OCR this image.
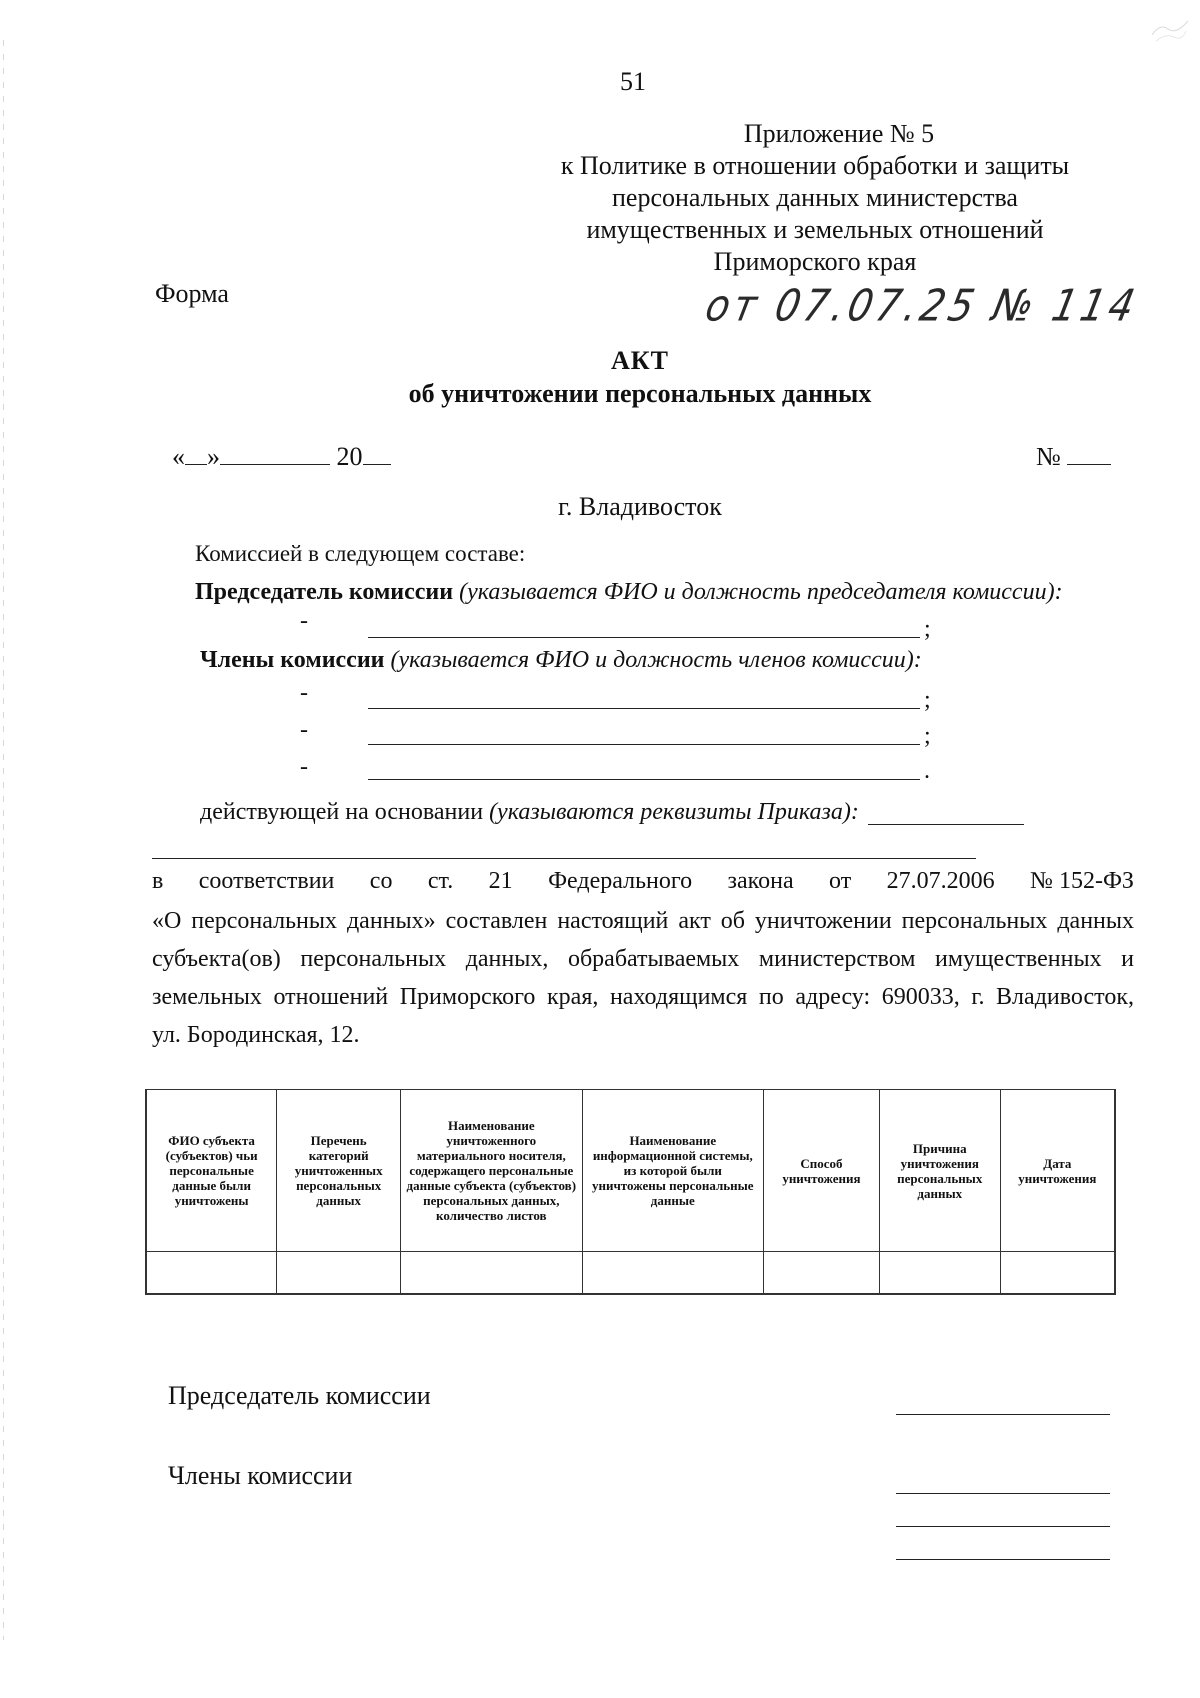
51
Приложение № 5
к Политике в отношении обработки и защиты
персональных данных министерства
имущественных и земельных отношений
Приморского края
от 07.07.25 № 114
Форма
АКТ
об уничтожении персональных данных
« »	20	№
г. Владивосток
Комиссией в следующем составе:
Председатель комиссии (указывается ФИО и должность председателя комиссии):
-	;
Члены комиссии (указывается ФИО и должность членов комиссии):
-	;
-	;
-	.
действующей на основании (указываются реквизиты Приказа):
в соответствии со ст. 21 Федерального закона от 27.07.2006 № 152-ФЗ
«О персональных данных» составлен настоящий акт об уничтожении персональных данных
субъекта(ов) персональных данных, обрабатываемых министерством имущественных и
земельных отношений Приморского края, находящимся по адресу: 690033, г. Владивосток,
ул. Бородинская, 12.
ФИО субъекта (субъектов) чьи персональные данные были уничтожены	Перечень категорий уничтоженных персональных данных	Наименование уничтоженного материального носителя, содержащего персональные данные субъекта (субъектов) персональных данных, количество листов	Наименование информационной системы, из которой были уничтожены персональные данные	Способ уничтожения	Причина уничтожения персональных данных	Дата уничтожения

Председатель комиссии
Члены комиссии
